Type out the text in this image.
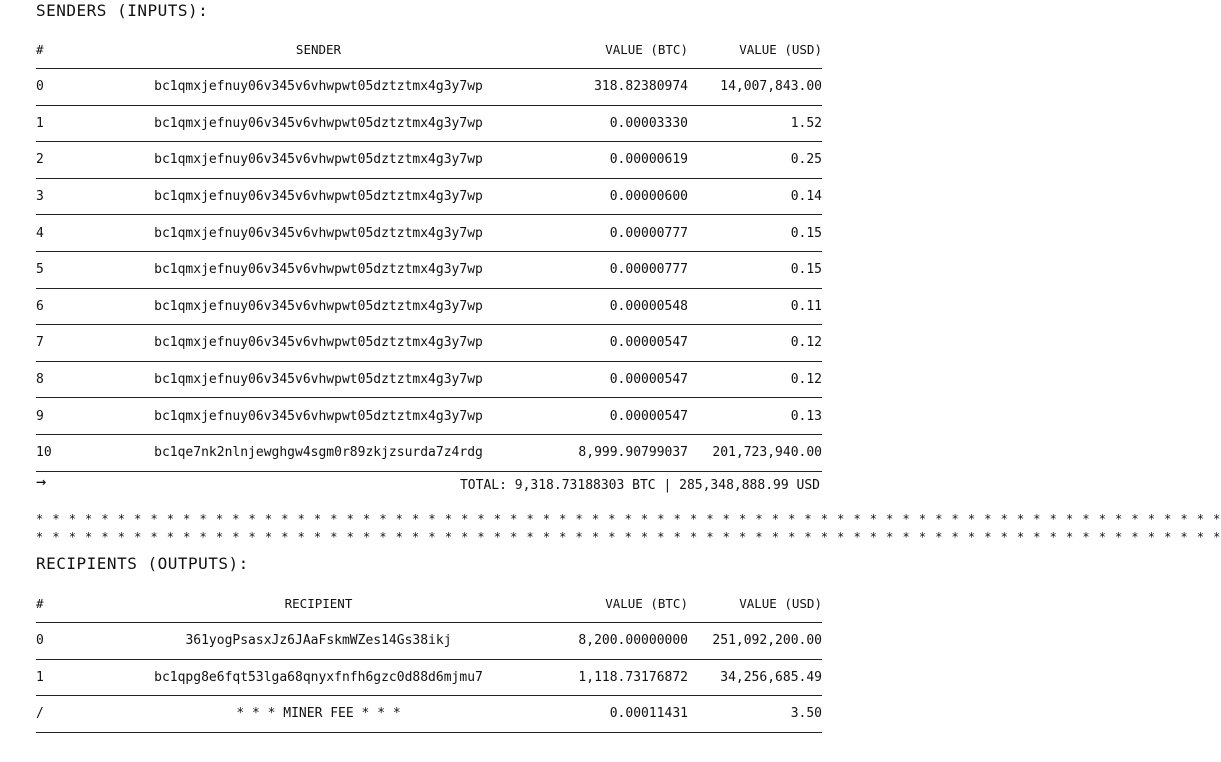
SENDERS (INPUTS):
#	SENDER	VALUE (BTC)	VALUE (USD)
0	bc1qmxjefnuy06v345v6vhwpwt05dztztmx4g3y7wp	318.82380974	14,007,843.00
1	bc1qmxjefnuy06v345v6vhwpwt05dztztmx4g3y7wp	0.00003330	1.52
2	bc1qmxjefnuy06v345v6vhwpwt05dztztmx4g3y7wp	0.00000619	0.25
3	bc1qmxjefnuy06v345v6vhwpwt05dztztmx4g3y7wp	0.00000600	0.14
4	bc1qmxjefnuy06v345v6vhwpwt05dztztmx4g3y7wp	0.00000777	0.15
5	bc1qmxjefnuy06v345v6vhwpwt05dztztmx4g3y7wp	0.00000777	0.15
6	bc1qmxjefnuy06v345v6vhwpwt05dztztmx4g3y7wp	0.00000548	0.11
7	bc1qmxjefnuy06v345v6vhwpwt05dztztmx4g3y7wp	0.00000547	0.12
8	bc1qmxjefnuy06v345v6vhwpwt05dztztmx4g3y7wp	0.00000547	0.12
9	bc1qmxjefnuy06v345v6vhwpwt05dztztmx4g3y7wp	0.00000547	0.13
10	bc1qe7nk2nlnjewghgw4sgm0r89zkjzsurda7z4rdg	8,999.90799037	201,723,940.00
→	TOTAL: 9,318.73188303 BTC | 285,348,888.99 USD
* * * * * * * * * * * * * * * * * * * * * * * * * * * * * * * * * * * * * * * * * * * * * * * * * * * * * * * * * * * * * * * * * * * * * * * * *
* * * * * * * * * * * * * * * * * * * * * * * * * * * * * * * * * * * * * * * * * * * * * * * * * * * * * * * * * * * * * * * * * * * * * * * * *
RECIPIENTS (OUTPUTS):
#	RECIPIENT	VALUE (BTC)	VALUE (USD)
0	361yogPsasxJz6JAaFskmWZes14Gs38ikj	8,200.00000000	251,092,200.00
1	bc1qpg8e6fqt53lga68qnyxfnfh6gzc0d88d6mjmu7	1,118.73176872	34,256,685.49
/	* * * MINER FEE * * *	0.00011431	3.50
